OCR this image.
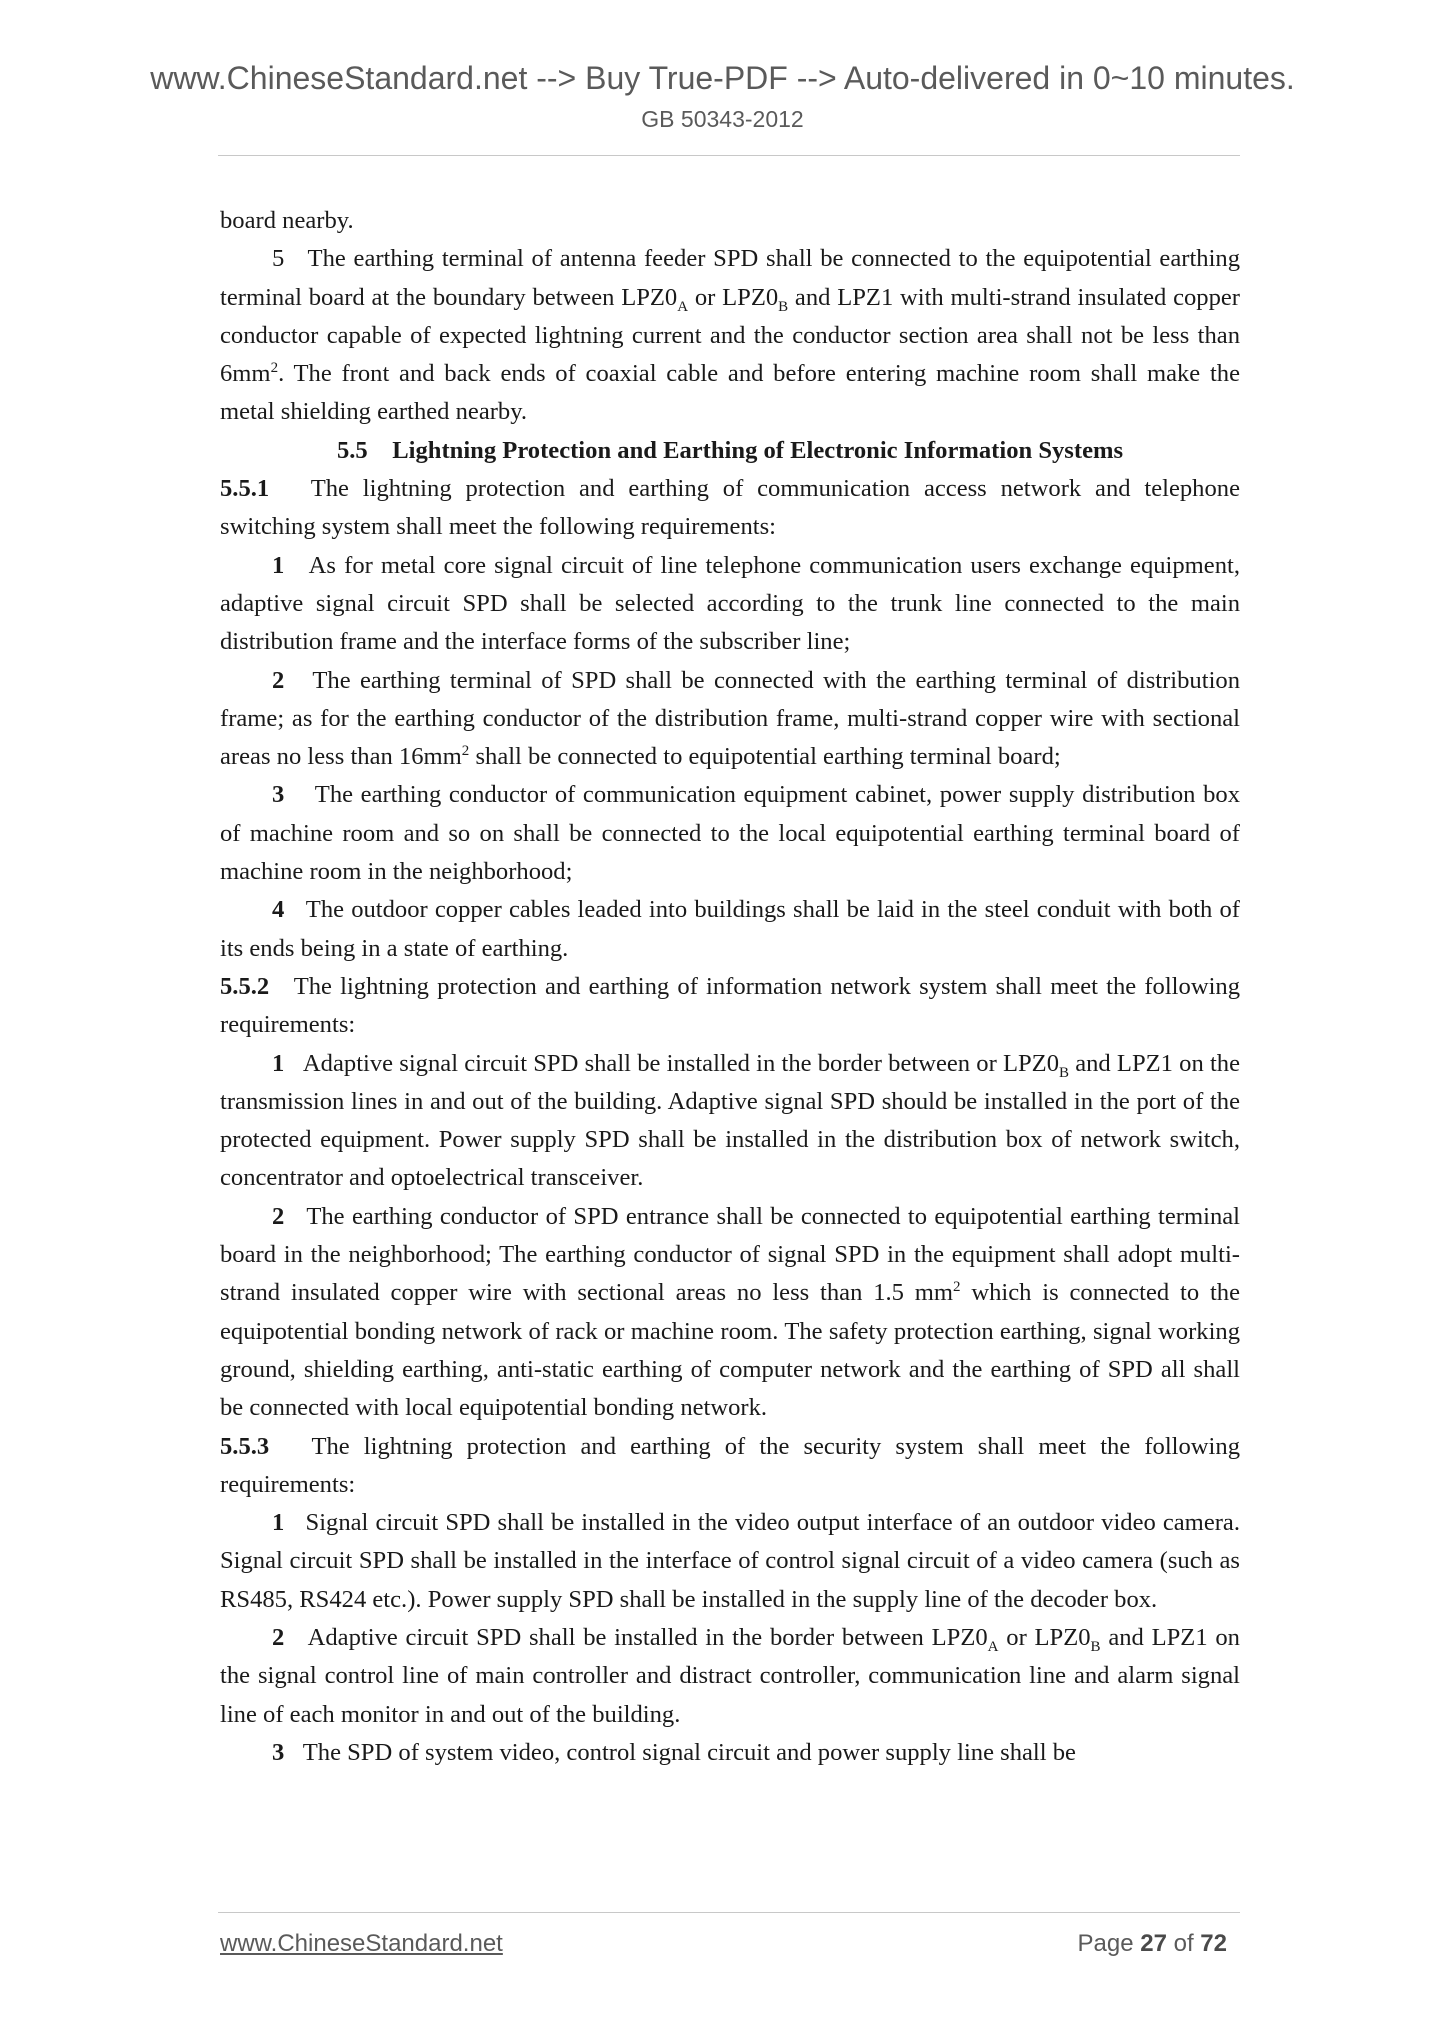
www.ChineseStandard.net --> Buy True-PDF --> Auto-delivered in 0~10 minutes.
GB 50343-2012

board nearby.

5 The earthing terminal of antenna feeder SPD shall be connected to the equipotential earthing terminal board at the boundary between $LPZ0_A$ or $LPZ0_B$ and LPZ1 with multi-strand insulated copper conductor capable of expected lightning current and the conductor section area shall not be less than $6mm^2$. The front and back ends of coaxial cable and before entering machine room shall make the metal shielding earthed nearby.

5.5    Lightning Protection and Earthing of Electronic Information Systems

5.5.1 The lightning protection and earthing of communication access network and telephone switching system shall meet the following requirements:

1 As for metal core signal circuit of line telephone communication users exchange equipment, adaptive signal circuit SPD shall be selected according to the trunk line connected to the main distribution frame and the interface forms of the subscriber line;

2 The earthing terminal of SPD shall be connected with the earthing terminal of distribution frame; as for the earthing conductor of the distribution frame, multi-strand copper wire with sectional areas no less than $16mm^2$ shall be connected to equipotential earthing terminal board;

3 The earthing conductor of communication equipment cabinet, power supply distribution box of machine room and so on shall be connected to the local equipotential earthing terminal board of machine room in the neighborhood;

4 The outdoor copper cables leaded into buildings shall be laid in the steel conduit with both of its ends being in a state of earthing.

5.5.2 The lightning protection and earthing of information network system shall meet the following requirements:

1 Adaptive signal circuit SPD shall be installed in the border between or $LPZ0_B$ and LPZ1 on the transmission lines in and out of the building. Adaptive signal SPD should be installed in the port of the protected equipment. Power supply SPD shall be installed in the distribution box of network switch, concentrator and optoelectrical transceiver.

2 The earthing conductor of SPD entrance shall be connected to equipotential earthing terminal board in the neighborhood; The earthing conductor of signal SPD in the equipment shall adopt multi-strand insulated copper wire with sectional areas no less than 1.5 $mm^2$ which is connected to the equipotential bonding network of rack or machine room. The safety protection earthing, signal working ground, shielding earthing, anti-static earthing of computer network and the earthing of SPD all shall be connected with local equipotential bonding network.

5.5.3 The lightning protection and earthing of the security system shall meet the following requirements:

1 Signal circuit SPD shall be installed in the video output interface of an outdoor video camera. Signal circuit SPD shall be installed in the interface of control signal circuit of a video camera (such as RS485, RS424 etc.). Power supply SPD shall be installed in the supply line of the decoder box.

2 Adaptive circuit SPD shall be installed in the border between $LPZ0_A$ or $LPZ0_B$ and LPZ1 on the signal control line of main controller and distract controller, communication line and alarm signal line of each monitor in and out of the building.

3 The SPD of system video, control signal circuit and power supply line shall be

www.ChineseStandard.net	Page 27 of 72
